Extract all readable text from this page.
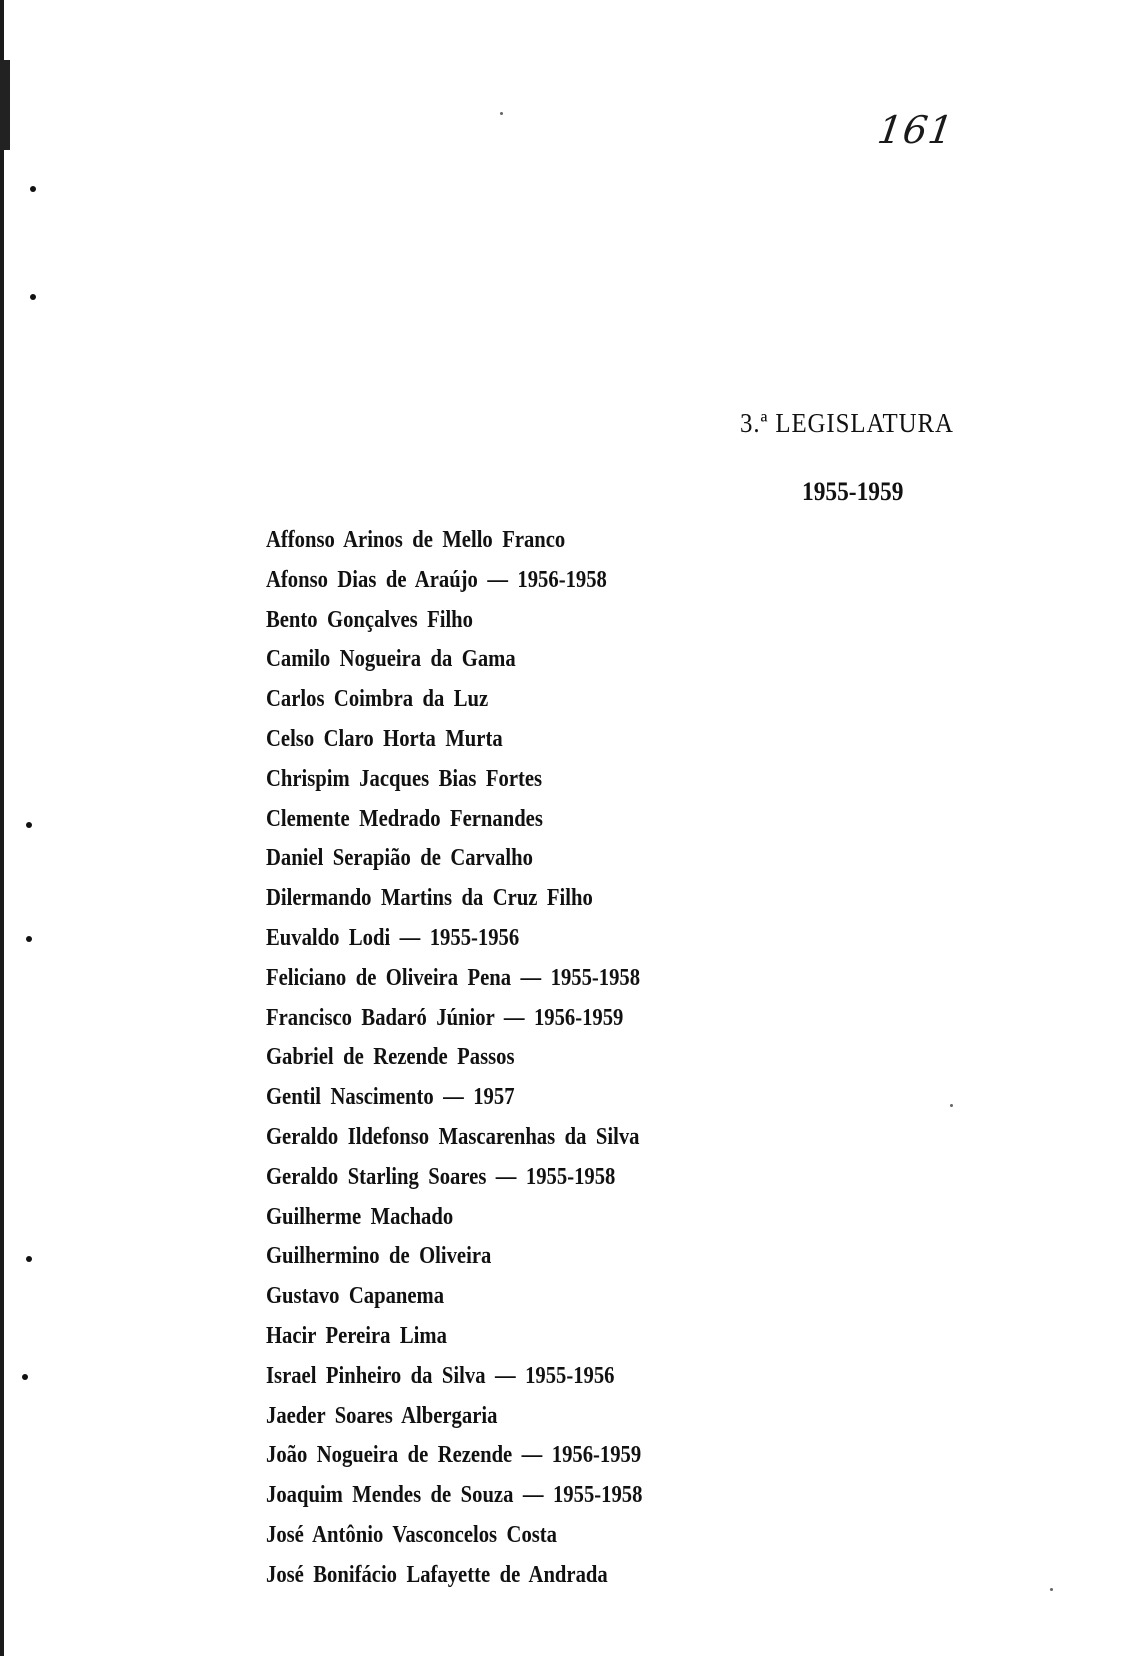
161
3.ª LEGISLATURA
1955-1959
Affonso Arinos de Mello Franco
Afonso Dias de Araújo — 1956-1958
Bento Gonçalves Filho
Camilo Nogueira da Gama
Carlos Coimbra da Luz
Celso Claro Horta Murta
Chrispim Jacques Bias Fortes
Clemente Medrado Fernandes
Daniel Serapião de Carvalho
Dilermando Martins da Cruz Filho
Euvaldo Lodi — 1955-1956
Feliciano de Oliveira Pena — 1955-1958
Francisco Badaró Júnior — 1956-1959
Gabriel de Rezende Passos
Gentil Nascimento — 1957
Geraldo Ildefonso Mascarenhas da Silva
Geraldo Starling Soares — 1955-1958
Guilherme Machado
Guilhermino de Oliveira
Gustavo Capanema
Hacir Pereira Lima
Israel Pinheiro da Silva — 1955-1956
Jaeder Soares Albergaria
João Nogueira de Rezende — 1956-1959
Joaquim Mendes de Souza — 1955-1958
José Antônio Vasconcelos Costa
José Bonifácio Lafayette de Andrada
